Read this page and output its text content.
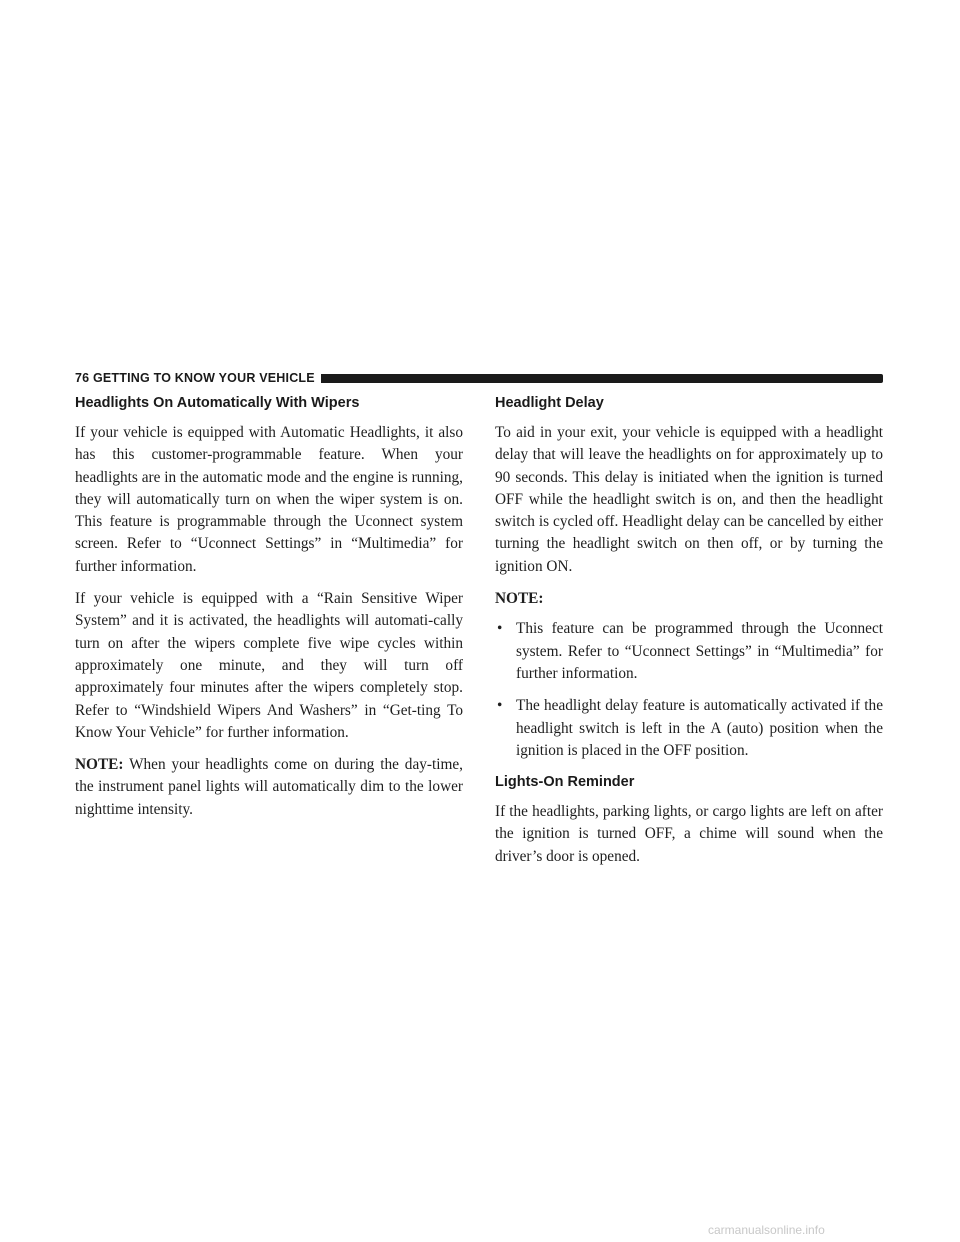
76 GETTING TO KNOW YOUR VEHICLE
Headlights On Automatically With Wipers

If your vehicle is equipped with Automatic Headlights, it also has this customer-programmable feature. When your headlights are in the automatic mode and the engine is running, they will automatically turn on when the wiper system is on. This feature is programmable through the Uconnect system screen. Refer to “Uconnect Settings” in “Multimedia” for further information.

If your vehicle is equipped with a “Rain Sensitive Wiper System” and it is activated, the headlights will automati-cally turn on after the wipers complete five wipe cycles within approximately one minute, and they will turn off approximately four minutes after the wipers completely stop. Refer to “Windshield Wipers And Washers” in “Get-ting To Know Your Vehicle” for further information.

NOTE: When your headlights come on during the day-time, the instrument panel lights will automatically dim to the lower nighttime intensity.

Headlight Delay

To aid in your exit, your vehicle is equipped with a headlight delay that will leave the headlights on for approximately up to 90 seconds. This delay is initiated when the ignition is turned OFF while the headlight switch is on, and then the headlight switch is cycled off. Headlight delay can be cancelled by either turning the headlight switch on then off, or by turning the ignition ON.

NOTE:

• This feature can be programmed through the Uconnect system. Refer to “Uconnect Settings” in “Multimedia” for further information.
• The headlight delay feature is automatically activated if the headlight switch is left in the A (auto) position when the ignition is placed in the OFF position.
Lights-On Reminder

If the headlights, parking lights, or cargo lights are left on after the ignition is turned OFF, a chime will sound when the driver’s door is opened.

carmanualsonline.info
